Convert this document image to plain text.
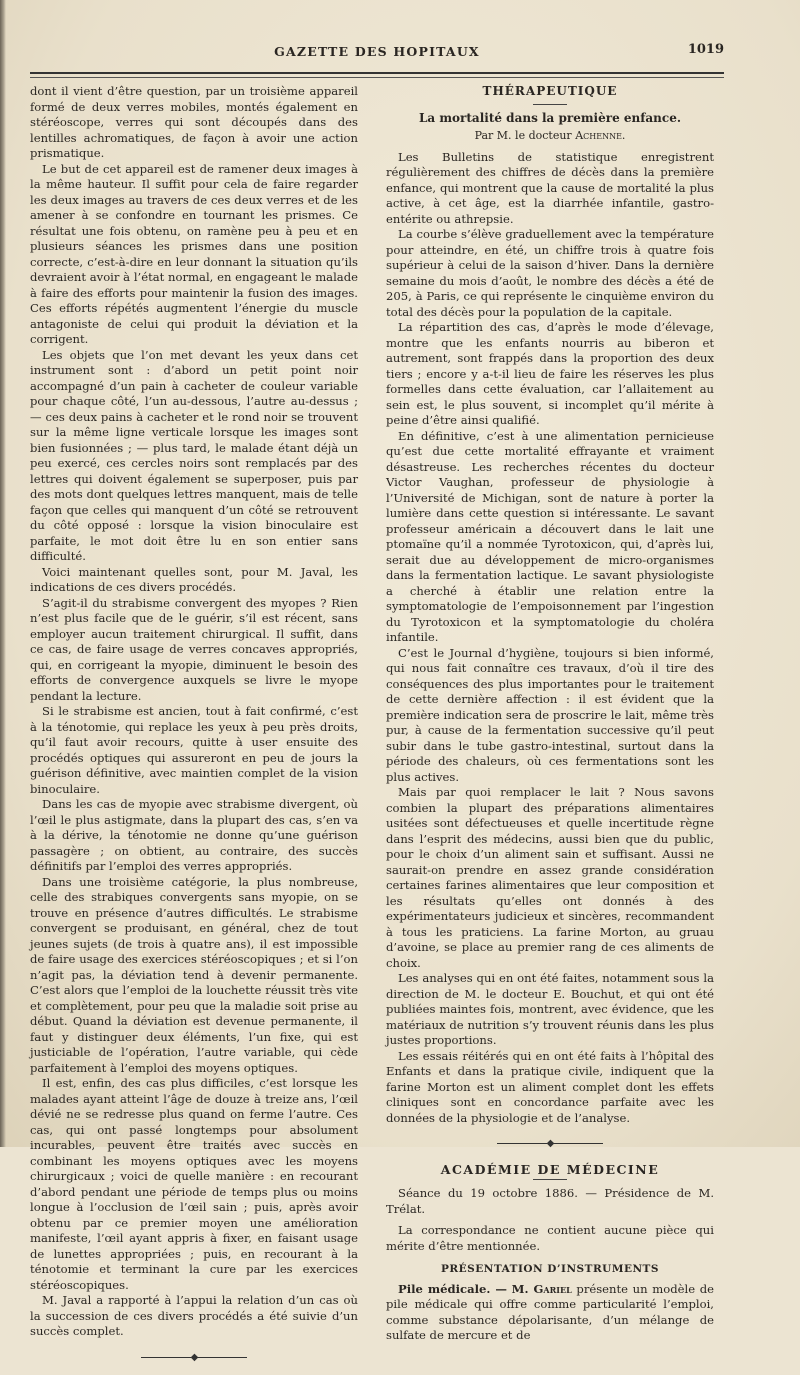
GAZETTE DES HOPITAUX	1019

dont il vient d’être question, par un troisième appareil formé de deux verres mobiles, montés également en stéréoscope, verres qui sont découpés dans des lentilles achromatiques, de façon à avoir une action prismatique.

Le but de cet appareil est de ramener deux images à la même hauteur. Il suffit pour cela de faire regarder les deux images au travers de ces deux verres et de les amener à se confondre en tournant les prismes. Ce résultat une fois obtenu, on ramène peu à peu et en plusieurs séances les prismes dans une position correcte, c’est-à-dire en leur donnant la situation qu’ils devraient avoir à l’état normal, en engageant le malade à faire des efforts pour maintenir la fusion des images. Ces efforts répétés augmentent l’énergie du muscle antagoniste de celui qui produit la déviation et la corrigent.

Les objets que l’on met devant les yeux dans cet instrument sont : d’abord un petit point noir accompagné d’un pain à cacheter de couleur variable pour chaque côté, l’un au-dessous, l’autre au-dessus ; — ces deux pains à cacheter et le rond noir se trouvent sur la même ligne verticale lorsque les images sont bien fusionnées ; — plus tard, le malade étant déjà un peu exercé, ces cercles noirs sont remplacés par des lettres qui doivent également se superposer, puis par des mots dont quelques lettres manquent, mais de telle façon que celles qui manquent d’un côté se retrouvent du côté opposé : lorsque la vision binoculaire est parfaite, le mot doit être lu en son entier sans difficulté.

Voici maintenant quelles sont, pour M. Javal, les indications de ces divers procédés.

S’agit-il du strabisme convergent des myopes ? Rien n’est plus facile que de le guérir, s’il est récent, sans employer aucun traitement chirurgical. Il suffit, dans ce cas, de faire usage de verres concaves appropriés, qui, en corrigeant la myopie, diminuent le besoin des efforts de convergence auxquels se livre le myope pendant la lecture.

Si le strabisme est ancien, tout à fait confirmé, c’est à la ténotomie, qui replace les yeux à peu près droits, qu’il faut avoir recours, quitte à user ensuite des procédés optiques qui assureront en peu de jours la guérison définitive, avec maintien complet de la vision binoculaire.

Dans les cas de myopie avec strabisme divergent, où l’œil le plus astigmate, dans la plupart des cas, s’en va à la dérive, la ténotomie ne donne qu’une guérison passagère ; on obtient, au contraire, des succès définitifs par l’emploi des verres appropriés.

Dans une troisième catégorie, la plus nombreuse, celle des strabiques convergents sans myopie, on se trouve en présence d’autres difficultés. Le strabisme convergent se produisant, en général, chez de tout jeunes sujets (de trois à quatre ans), il est impossible de faire usage des exercices stéréoscopiques ; et si l’on n’agit pas, la déviation tend à devenir permanente. C’est alors que l’emploi de la louchette réussit très vite et complètement, pour peu que la maladie soit prise au début. Quand la déviation est devenue permanente, il faut y distinguer deux éléments, l’un fixe, qui est justiciable de l’opération, l’autre variable, qui cède parfaitement à l’emploi des moyens optiques.

Il est, enfin, des cas plus difficiles, c’est lorsque les malades ayant atteint l’âge de douze à treize ans, l’œil dévié ne se redresse plus quand on ferme l’autre. Ces cas, qui ont passé longtemps pour absolument incurables, peuvent être traités avec succès en combinant les moyens optiques avec les moyens chirurgicaux ; voici de quelle manière : en recourant d’abord pendant une période de temps plus ou moins longue à l’occlusion de l’œil sain ; puis, après avoir obtenu par ce premier moyen une amélioration manifeste, l’œil ayant appris à fixer, en faisant usage de lunettes appropriées ; puis, en recourant à la ténotomie et terminant la cure par les exercices stéréoscopiques.

M. Javal a rapporté à l’appui la relation d’un cas où la succession de ces divers procédés a été suivie d’un succès complet.

◆
THÉRAPEUTIQUE
La mortalité dans la première enfance.
Par M. le docteur Achenne.

Les Bulletins de statistique enregistrent régulièrement des chiffres de décès dans la première enfance, qui montrent que la cause de mortalité la plus active, à cet âge, est la diarrhée infantile, gastro-entérite ou athrepsie.

La courbe s’élève graduellement avec la température pour atteindre, en été, un chiffre trois à quatre fois supérieur à celui de la saison d’hiver. Dans la dernière semaine du mois d’août, le nombre des décès a été de 205, à Paris, ce qui représente le cinquième environ du total des décès pour la population de la capitale.

La répartition des cas, d’après le mode d’élevage, montre que les enfants nourris au biberon et autrement, sont frappés dans la proportion des deux tiers ; encore y a-t-il lieu de faire les réserves les plus formelles dans cette évaluation, car l’allaitement au sein est, le plus souvent, si incomplet qu’il mérite à peine d’être ainsi qualifié.

En définitive, c’est à une alimentation pernicieuse qu’est due cette mortalité effrayante et vraiment désastreuse. Les recherches récentes du docteur Victor Vaughan, professeur de physiologie à l’Université de Michigan, sont de nature à porter la lumière dans cette question si intéressante. Le savant professeur américain a découvert dans le lait une ptomaïne qu’il a nommée Tyrotoxicon, qui, d’après lui, serait due au développement de micro-organismes dans la fermentation lactique. Le savant physiologiste a cherché à établir une relation entre la symptomatologie de l’empoisonnement par l’ingestion du Tyrotoxicon et la symptomatologie du choléra infantile.

C’est le Journal d’hygiène, toujours si bien informé, qui nous fait connaître ces travaux, d’où il tire des conséquences des plus importantes pour le traitement de cette dernière affection : il est évident que la première indication sera de proscrire le lait, même très pur, à cause de la fermentation successive qu’il peut subir dans le tube gastro-intestinal, surtout dans la période des chaleurs, où ces fermentations sont les plus actives.

Mais par quoi remplacer le lait ? Nous savons combien la plupart des préparations alimentaires usitées sont défectueuses et quelle incertitude règne dans l’esprit des médecins, aussi bien que du public, pour le choix d’un aliment sain et suffisant. Aussi ne saurait-on prendre en assez grande considération certaines farines alimentaires que leur composition et les résultats qu’elles ont donnés à des expérimentateurs judicieux et sincères, recommandent à tous les praticiens. La farine Morton, au gruau d’avoine, se place au premier rang de ces aliments de choix.

Les analyses qui en ont été faites, notamment sous la direction de M. le docteur E. Bouchut, et qui ont été publiées maintes fois, montrent, avec évidence, que les matériaux de nutrition s’y trouvent réunis dans les plus justes proportions.

Les essais réitérés qui en ont été faits à l’hôpital des Enfants et dans la pratique civile, indiquent que la farine Morton est un aliment complet dont les effets cliniques sont en concordance parfaite avec les données de la physiologie et de l’analyse.

◆
ACADÉMIE DE MÉDECINE

Séance du 19 octobre 1886. — Présidence de M. Trélat.

La correspondance ne contient aucune pièce qui mérite d’être mentionnée.

PRÉSENTATION D’INSTRUMENTS

Pile médicale. — M. Gariel présente un modèle de pile médicale qui offre comme particularité l’emploi, comme substance dépolarisante, d’un mélange de sulfate de mercure et de
